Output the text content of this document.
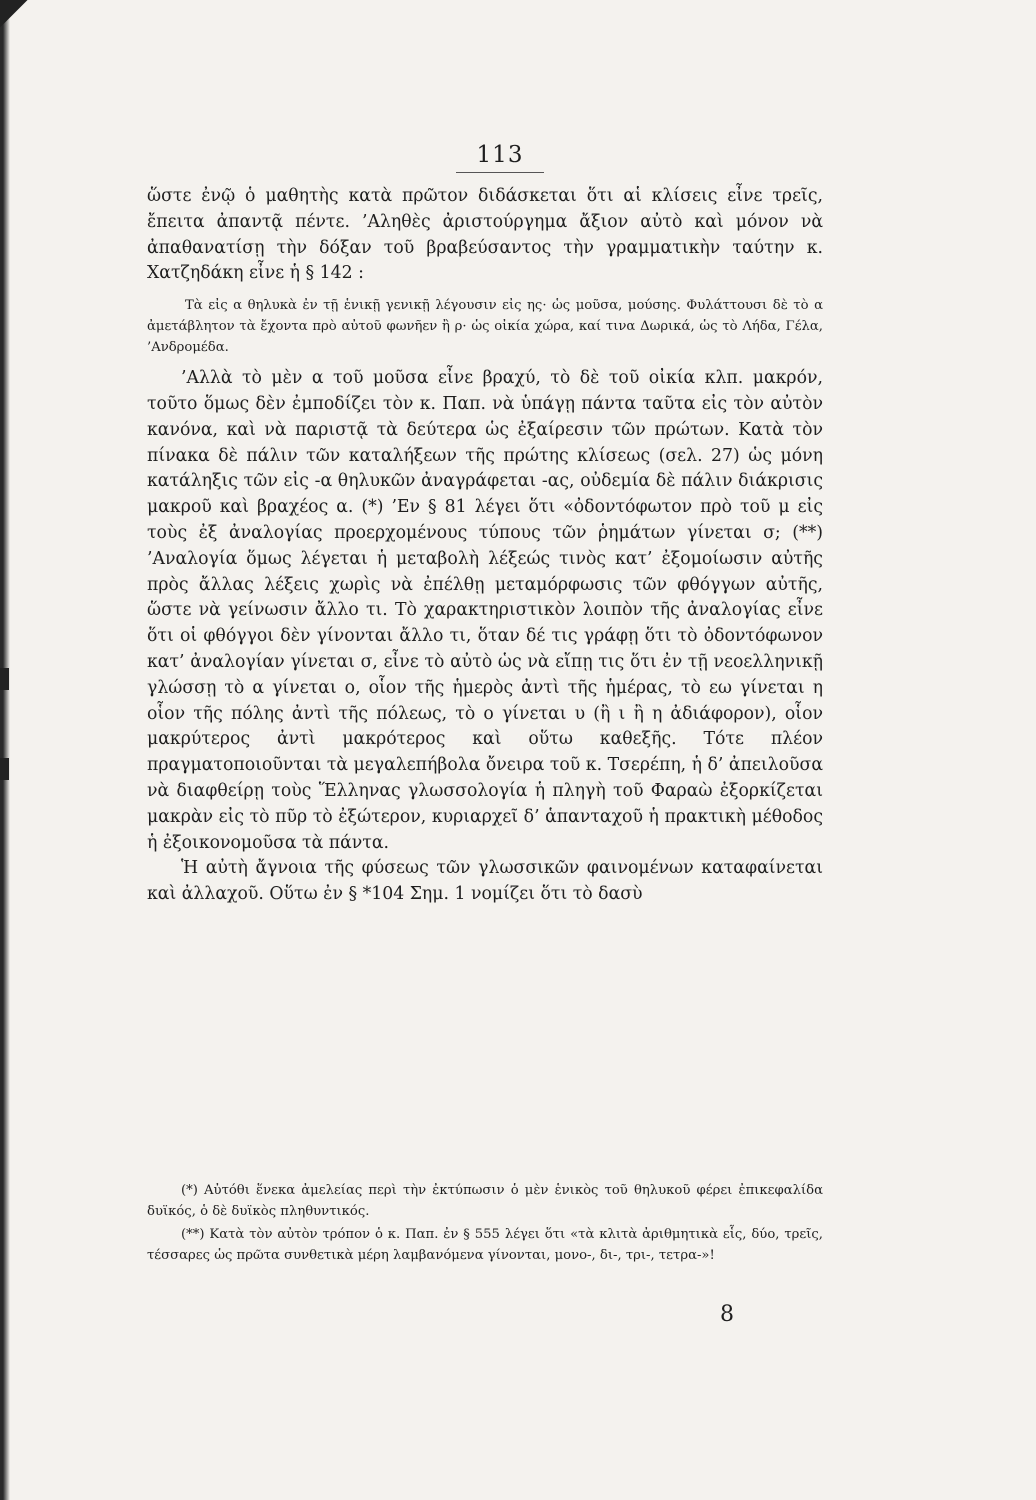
113

ὥστε ἐνῷ ὁ μαθητὴς κατὰ πρῶτον διδάσκεται ὅτι αἱ κλίσεις εἶνε τρεῖς, ἔπειτα ἀπαντᾷ πέντε. ’Αληθὲς ἀριστούργημα ἄξιον αὐτὸ καὶ μόνον νὰ ἀπαθανατίσῃ τὴν δόξαν τοῦ βραβεύσαντος τὴν γραμματικὴν ταύτην κ. Χατζηδάκη εἶνε ἡ § 142 :

Τὰ εἰς α θηλυκὰ ἐν τῇ ἑνικῇ γενικῇ λέγουσιν εἰς ης· ὡς μοῦσα, μούσης. Φυλάττουσι δὲ τὸ α ἀμετάβλητον τὰ ἔχοντα πρὸ αὐτοῦ φωνῆεν ἢ ρ· ὡς οἰκία χώρα, καί τινα Δωρικά, ὡς τὸ Λήδα, Γέλα, ’Ανδρομέδα.

’Αλλὰ τὸ μὲν α τοῦ μοῦσα εἶνε βραχύ, τὸ δὲ τοῦ οἰκία κλπ. μακρόν, τοῦτο ὅμως δὲν ἐμποδίζει τὸν κ. Παπ. νὰ ὑπάγῃ πάντα ταῦτα εἰς τὸν αὐτὸν κανόνα, καὶ νὰ παριστᾷ τὰ δεύτερα ὡς ἐξαίρεσιν τῶν πρώτων. Κατὰ τὸν πίνακα δὲ πάλιν τῶν καταλήξεων τῆς πρώτης κλίσεως (σελ. 27) ὡς μόνη κατάληξις τῶν εἰς -α θηλυκῶν ἀναγράφεται -ας, οὐδεμία δὲ πάλιν διάκρισις μακροῦ καὶ βραχέος α. (*) ’Εν § 81 λέγει ὅτι «ὀδοντόφωτον πρὸ τοῦ μ εἰς τοὺς ἐξ ἀναλογίας προερχομένους τύπους τῶν ῥημάτων γίνεται σ; (**) ’Αναλογία ὅμως λέγεται ἡ μεταβολὴ λέξεώς τινὸς κατ’ ἐξομοίωσιν αὐτῆς πρὸς ἄλλας λέξεις χωρὶς νὰ ἐπέλθῃ μεταμόρφωσις τῶν φθόγγων αὐτῆς, ὥστε νὰ γείνωσιν ἄλλο τι. Τὸ χαρακτηριστικὸν λοιπὸν τῆς ἀναλογίας εἶνε ὅτι οἱ φθόγγοι δὲν γίνονται ἄλλο τι, ὅταν δέ τις γράφῃ ὅτι τὸ ὀδοντόφωνον κατ’ ἀναλογίαν γίνεται σ, εἶνε τὸ αὐτὸ ὡς νὰ εἴπῃ τις ὅτι ἐν τῇ νεοελληνικῇ γλώσσῃ τὸ α γίνεται ο, οἷον τῆς ἡμερὸς ἀντὶ τῆς ἡμέρας, τὸ εω γίνεται η οἷον τῆς πόλης ἀντὶ τῆς πόλεως, τὸ ο γίνεται υ (ἢ ι ἢ η ἀδιάφορον), οἷον μακρύτερος ἀντὶ μακρότερος καὶ οὕτω καθεξῆς. Τότε πλέον πραγματοποιοῦνται τὰ μεγαλεπήβολα ὄνειρα τοῦ κ. Τσερέπη, ἡ δ’ ἀπειλοῦσα νὰ διαφθείρῃ τοὺς Ἕλληνας γλωσσολογία ἡ πληγὴ τοῦ Φαραὼ ἐξορκίζεται μακρὰν εἰς τὸ πῦρ τὸ ἐξώτερον, κυριαρχεῖ δ’ ἁπανταχοῦ ἡ πρακτικὴ μέθοδος ἡ ἐξοικονομοῦσα τὰ πάντα.

Ἡ αὐτὴ ἄγνοια τῆς φύσεως τῶν γλωσσικῶν φαινομένων καταφαίνεται καὶ ἀλλαχοῦ. Οὕτω ἐν § *104 Σημ. 1 νομίζει ὅτι τὸ δασὺ

(*) Αὐτόθι ἕνεκα ἀμελείας περὶ τὴν ἐκτύπωσιν ὁ μὲν ἑνικὸς τοῦ θηλυκοῦ φέρει ἐπικεφαλίδα δυϊκός, ὁ δὲ δυϊκὸς πληθυντικός.

(**) Κατὰ τὸν αὐτὸν τρόπον ὁ κ. Παπ. ἐν § 555 λέγει ὅτι «τὰ κλιτὰ ἀριθμητικὰ εἷς, δύο, τρεῖς, τέσσαρες ὡς πρῶτα συνθετικὰ μέρη λαμβανόμενα γίνονται, μονο-, δι-, τρι-, τετρα-»!

8
